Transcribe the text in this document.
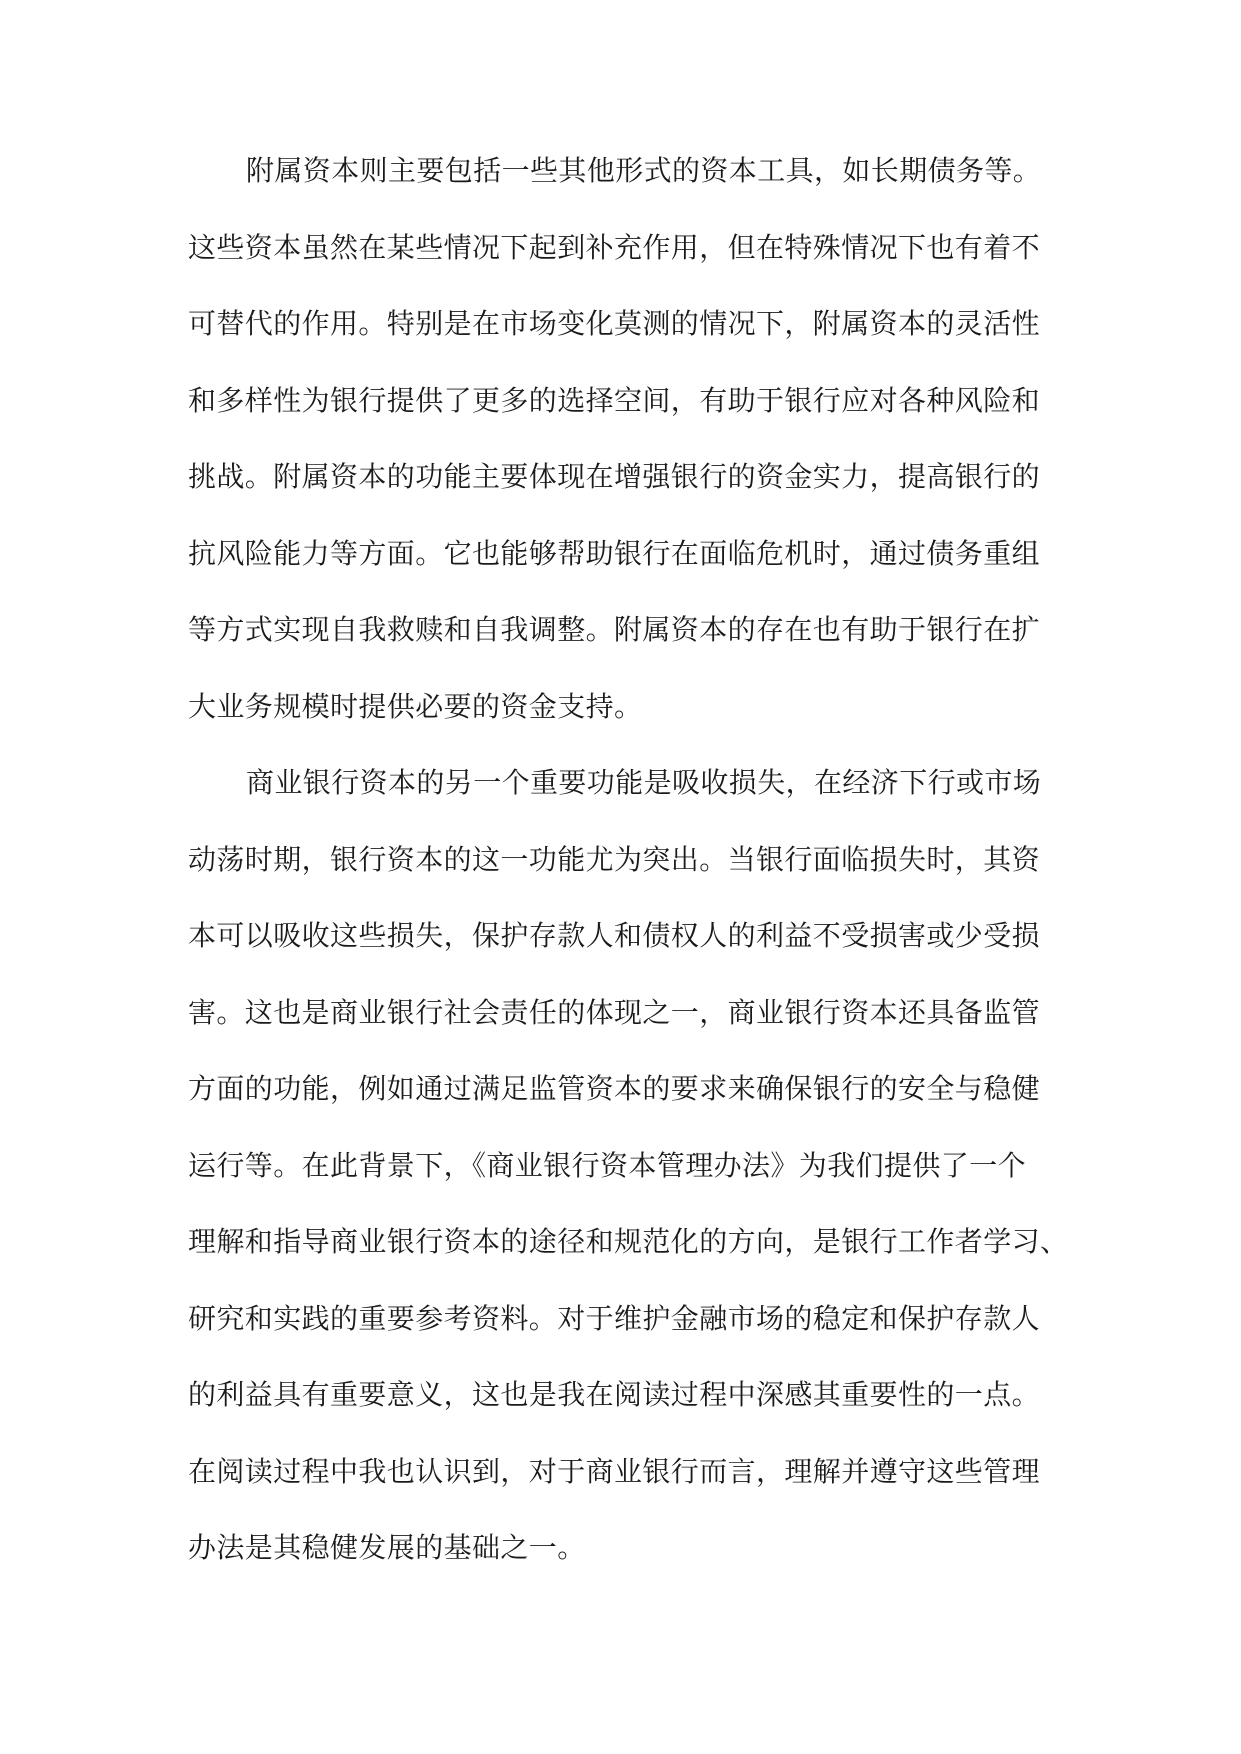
附属资本则主要包括一些其他形式的资本工具，如长期债务等。
这些资本虽然在某些情况下起到补充作用，但在特殊情况下也有着不
可替代的作用。特别是在市场变化莫测的情况下，附属资本的灵活性
和多样性为银行提供了更多的选择空间，有助于银行应对各种风险和
挑战。附属资本的功能主要体现在增强银行的资金实力，提高银行的
抗风险能力等方面。它也能够帮助银行在面临危机时，通过债务重组
等方式实现自我救赎和自我调整。附属资本的存在也有助于银行在扩
大业务规模时提供必要的资金支持。
商业银行资本的另一个重要功能是吸收损失，在经济下行或市场
动荡时期，银行资本的这一功能尤为突出。当银行面临损失时，其资
本可以吸收这些损失，保护存款人和债权人的利益不受损害或少受损
害。这也是商业银行社会责任的体现之一，商业银行资本还具备监管
方面的功能，例如通过满足监管资本的要求来确保银行的安全与稳健
运行等。在此背景下，《商业银行资本管理办法》为我们提供了一个
理解和指导商业银行资本的途径和规范化的方向，是银行工作者学习、
研究和实践的重要参考资料。对于维护金融市场的稳定和保护存款人
的利益具有重要意义，这也是我在阅读过程中深感其重要性的一点。
在阅读过程中我也认识到，对于商业银行而言，理解并遵守这些管理
办法是其稳健发展的基础之一。
